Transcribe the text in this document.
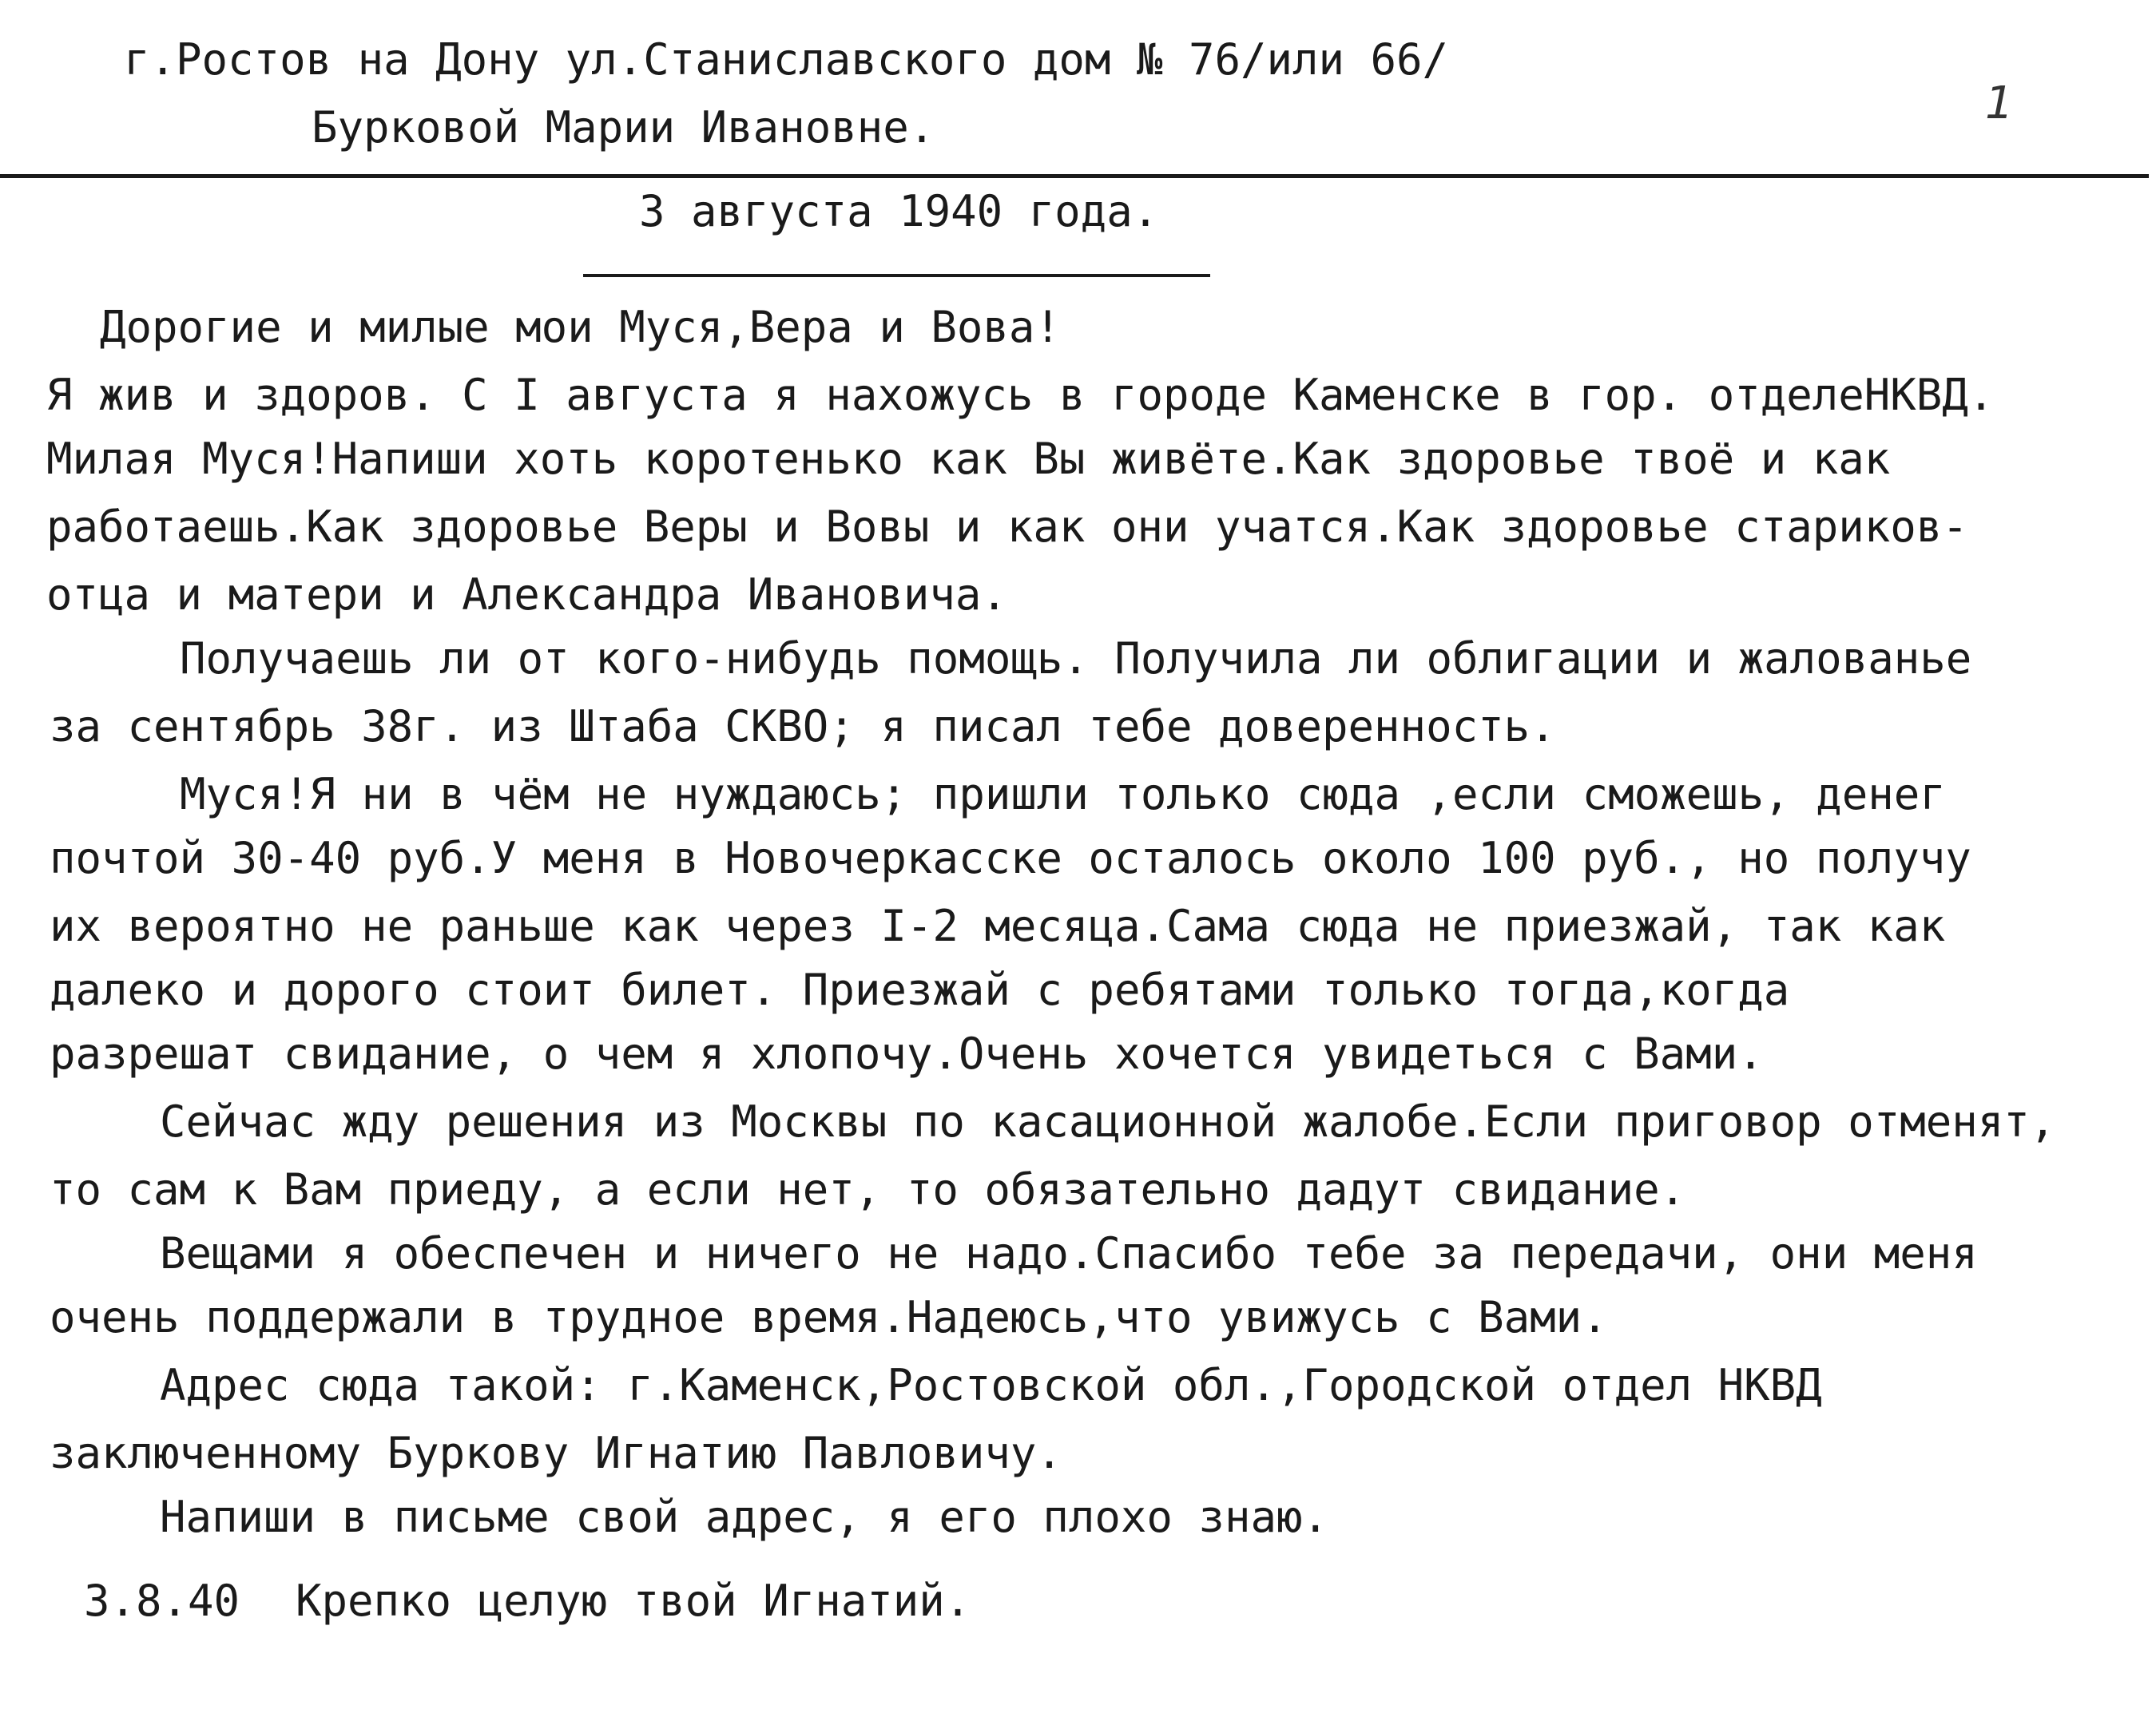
г.Ростов на Дону ул.Станиславского дом № 76/или 66/
Бурковой Марии Ивановне.	1
3 августа 1940 года.
Дорогие и милые мои Муся,Вера и Вова!
Я жив и здоров. С I августа я нахожусь в городе Каменске в гор. отделеНКВД.
Милая Муся!Напиши хоть коротенько как Вы живёте.Как здоровье твоё и как
работаешь.Как здоровье Веры и Вовы и как они учатся.Как здоровье стариков-
отца и матери и Александра Ивановича.
Получаешь ли от кого-нибудь помощь. Получила ли облигации и жалованье
за сентябрь 38г. из Штаба СКВО; я писал тебе доверенность.
Муся!Я ни в чём не нуждаюсь; пришли только сюда ,если сможешь, денег
почтой 30-40 руб.У меня в Новочеркасске осталось около 100 руб., но получу
их вероятно не раньше как через I-2 месяца.Сама сюда не приезжай, так как
далеко и дорого стоит билет. Приезжай с ребятами только тогда,когда
разрешат свидание, о чем я хлопочу.Очень хочется увидеться с Вами.
Сейчас жду решения из Москвы по касационной жалобе.Если приговор отменят,
то сам к Вам приеду, а если нет, то обязательно дадут свидание.
Вещами я обеспечен и ничего не надо.Спасибо тебе за передачи, они меня
очень поддержали в трудное время.Надеюсь,что увижусь с Вами.
Адрес сюда такой: г.Каменск,Ростовской обл.,Городской отдел НКВД
заключенному Буркову Игнатию Павловичу.
Напиши в письме свой адрес, я его плохо знаю.
3.8.40 Крепко целую твой Игнатий.
